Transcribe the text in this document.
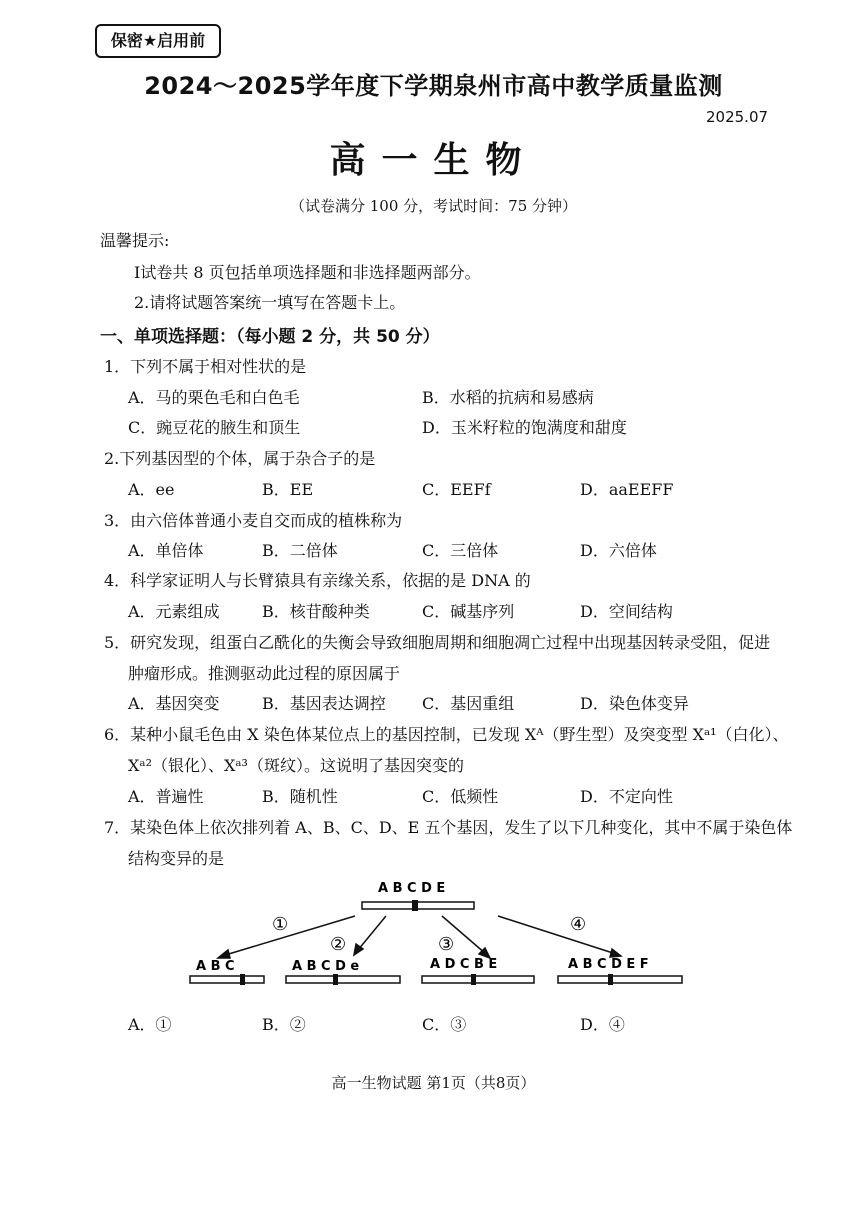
保密★启用前
2024～2025学年度下学期泉州市高中教学质量监测
2025.07
高一生物
（试卷满分 100 分，考试时间：75 分钟）
温馨提示:
Ⅰ试卷共 8 页包括单项选择题和非选择题两部分。
2.请将试题答案统一填写在答题卡上。
一、单项选择题：（每小题 2 分，共 50 分）
1．下列不属于相对性状的是
A．马的栗色毛和白色毛	B．水稻的抗病和易感病
C．豌豆花的腋生和顶生	D．玉米籽粒的饱满度和甜度
2.下列基因型的个体，属于杂合子的是
A．ee	B．EE	C．EEFf	D．aaEEFF
3．由六倍体普通小麦自交而成的植株称为
A．单倍体	B．二倍体	C．三倍体	D．六倍体
4．科学家证明人与长臂猿具有亲缘关系，依据的是 DNA 的
A．元素组成	B．核苷酸种类	C．碱基序列	D．空间结构
5．研究发现，组蛋白乙酰化的失衡会导致细胞周期和细胞凋亡过程中出现基因转录受阻，促进
肿瘤形成。推测驱动此过程的原因属于
A．基因突变	B．基因表达调控 C．基因重组	D．染色体变异
6．某种小鼠毛色由 X 染色体某位点上的基因控制，已发现 Xᴬ（野生型）及突变型 Xᵃ¹（白化）、
Xᵃ²（银化）、Xᵃ³（斑纹）。这说明了基因突变的
A．普遍性	B．随机性	C．低频性	D．不定向性
7．某染色体上依次排列着 A、B、C、D、E 五个基因，发生了以下几种变化，其中不属于染色体
结构变异的是
A B C D E
①
②	③
④
A B C	A B C D e	A D C B E	A B C D E F
A．①	B．②	C．③	D．④
高一生物试题 第1页（共8页）
